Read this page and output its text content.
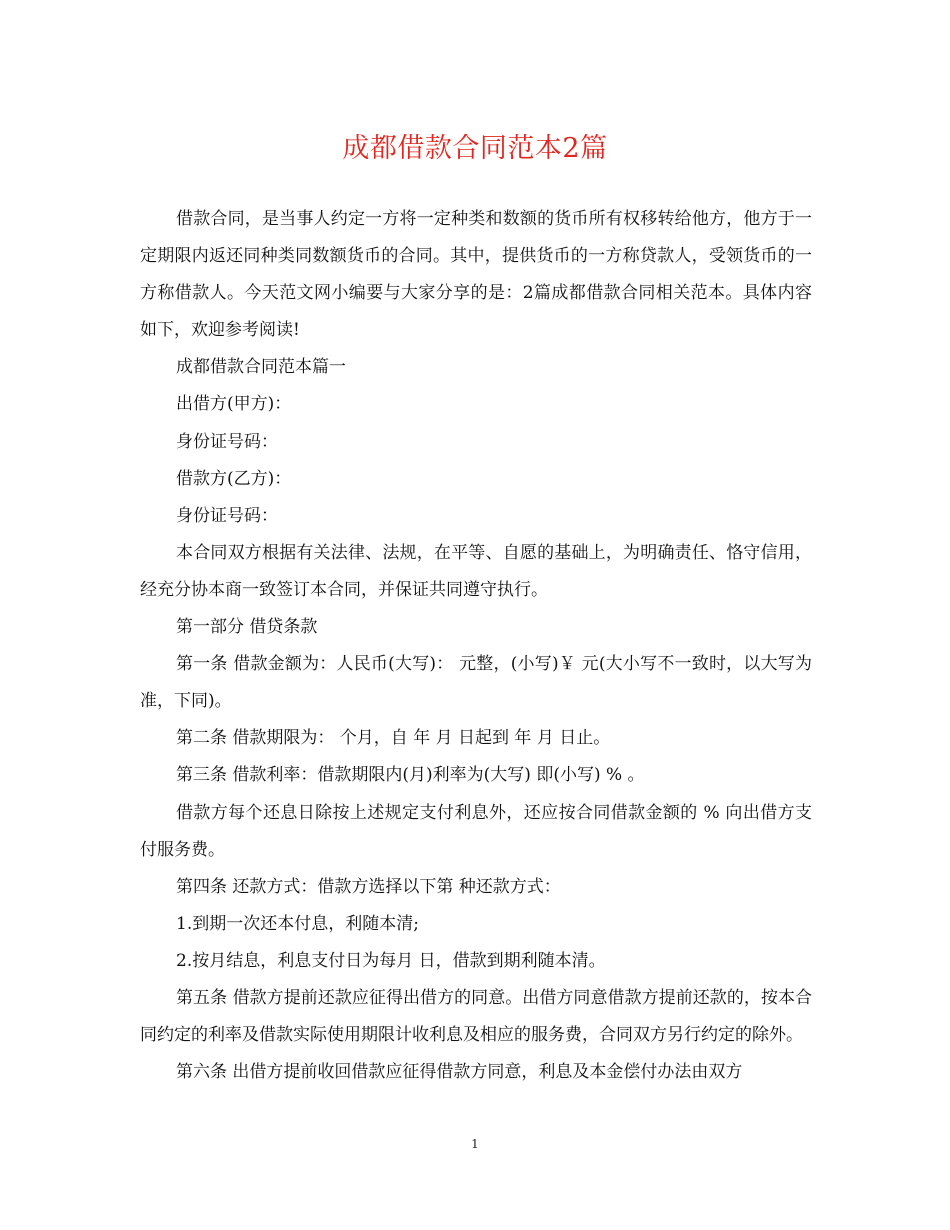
成都借款合同范本2篇

借款合同，是当事人约定一方将一定种类和数额的货币所有权移转给他方，他方于一定期限内返还同种类同数额货币的合同。其中，提供货币的一方称贷款人，受领货币的一方称借款人。今天范文网小编要与大家分享的是：2篇成都借款合同相关范本。具体内容如下，欢迎参考阅读!

成都借款合同范本篇一

出借方(甲方)：

身份证号码：

借款方(乙方)：

身份证号码：

本合同双方根据有关法律、法规，在平等、自愿的基础上，为明确责任、恪守信用，经充分协本商一致签订本合同，并保证共同遵守执行。

第一部分 借贷条款

第一条 借款金额为：人民币(大写)： 元整，(小写)￥ 元(大小写不一致时，以大写为准，下同)。

第二条 借款期限为： 个月，自 年 月 日起到 年 月 日止。

第三条 借款利率：借款期限内(月)利率为(大写) 即(小写) % 。

借款方每个还息日除按上述规定支付利息外，还应按合同借款金额的 % 向出借方支付服务费。

第四条 还款方式：借款方选择以下第 种还款方式：

1.到期一次还本付息，利随本清;

2.按月结息，利息支付日为每月 日，借款到期利随本清。

第五条 借款方提前还款应征得出借方的同意。出借方同意借款方提前还款的，按本合同约定的利率及借款实际使用期限计收利息及相应的服务费，合同双方另行约定的除外。

第六条 出借方提前收回借款应征得借款方同意，利息及本金偿付办法由双方

1
